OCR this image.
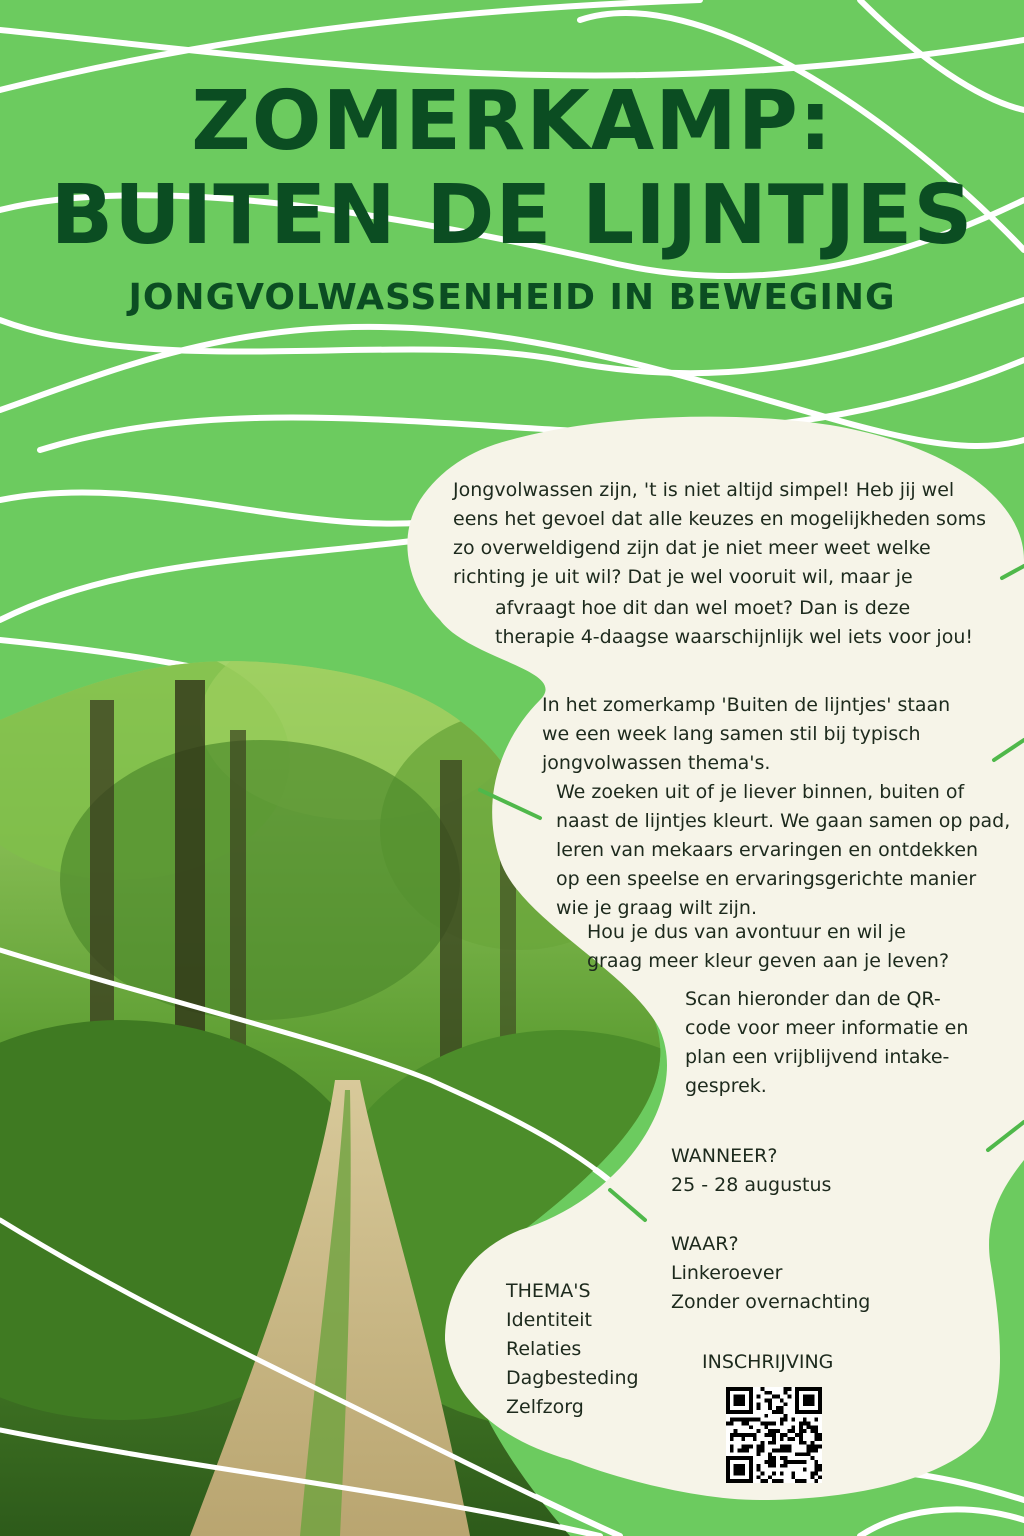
ZOMERKAMP:
BUITEN DE LIJNTJES
JONGVOLWASSENHEID IN BEWEGING
Jongvolwassen zijn, 't is niet altijd simpel! Heb jij wel
eens het gevoel dat alle keuzes en mogelijkheden soms
zo overweldigend zijn dat je niet meer weet welke
richting je uit wil? Dat je wel vooruit wil, maar je
afvraagt hoe dit dan wel moet? Dan is deze
therapie 4-daagse waarschijnlijk wel iets voor jou!
In het zomerkamp 'Buiten de lijntjes' staan
we een week lang samen stil bij typisch
jongvolwassen thema's.
We zoeken uit of je liever binnen, buiten of
naast de lijntjes kleurt. We gaan samen op pad,
leren van mekaars ervaringen en ontdekken
op een speelse en ervaringsgerichte manier
wie je graag wilt zijn.
Hou je dus van avontuur en wil je
graag meer kleur geven aan je leven?
Scan hieronder dan de QR-
code voor meer informatie en
plan een vrijblijvend intake-
gesprek.
WANNEER?
25 - 28 augustus
WAAR?
Linkeroever
Zonder overnachting
THEMA'S
Identiteit
Relaties
Dagbesteding
Zelfzorg
INSCHRIJVING
